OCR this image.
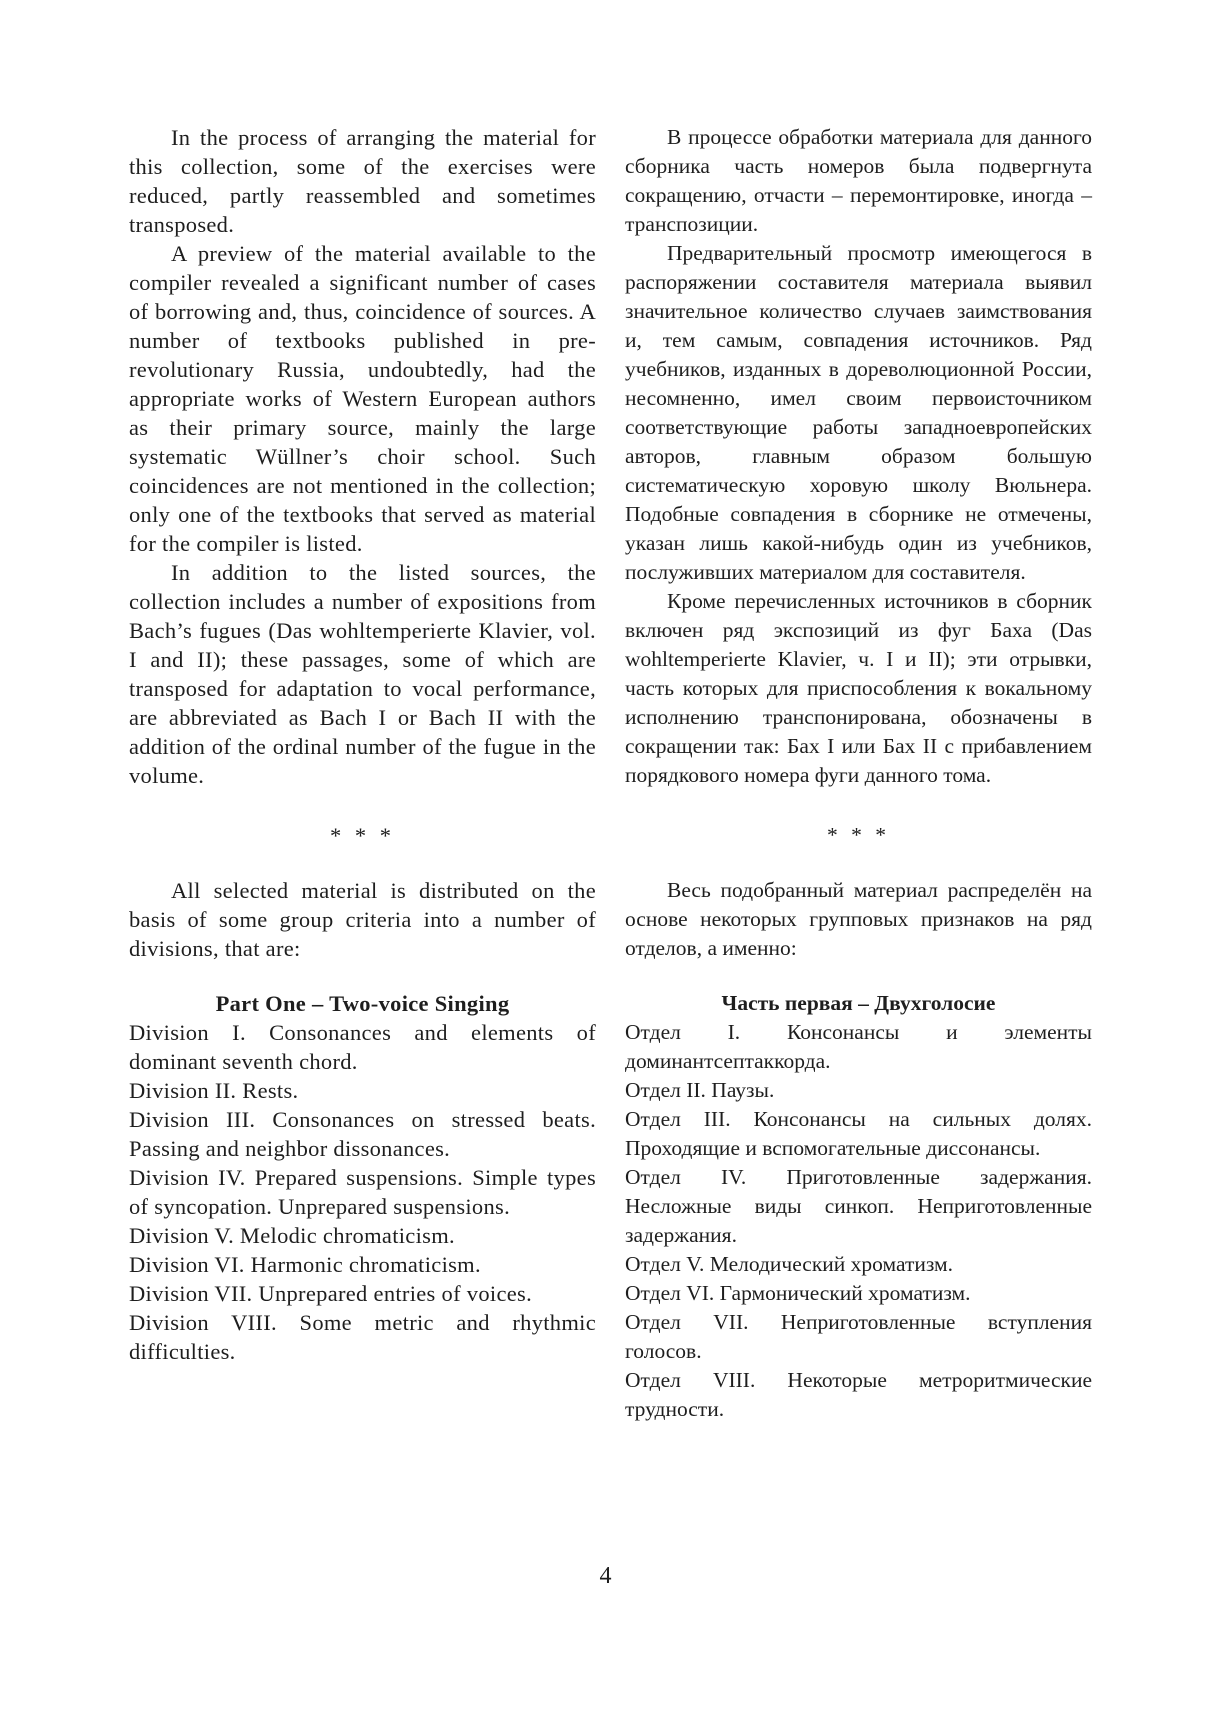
In the process of arranging the material for this collection, some of the exercises were reduced, partly reassembled and sometimes transposed.

A preview of the material available to the compiler revealed a significant number of cases of borrowing and, thus, coincidence of sources. A number of textbooks published in pre-revolutionary Russia, undoubtedly, had the appropriate works of Western European authors as their primary source, mainly the large systematic Wüllner’s choir school. Such coincidences are not mentioned in the collection; only one of the textbooks that served as material for the compiler is listed.

In addition to the listed sources, the collection includes a number of expositions from Bach’s fugues (Das wohltemperierte Klavier, vol. I and II); these passages, some of which are transposed for adaptation to vocal performance, are abbreviated as Bach I or Bach II with the addition of the ordinal number of the fugue in the volume.

* * *

All selected material is distributed on the basis of some group criteria into a number of divisions, that are:

Part One – Two-voice Singing
Division I. Consonances and elements of dominant seventh chord.
Division II. Rests.
Division III. Consonances on stressed beats. Passing and neighbor dissonances.
Division IV. Prepared suspensions. Simple types of syncopation. Unprepared suspensions.
Division V. Melodic chromaticism.
Division VI. Harmonic chromaticism.
Division VII. Unprepared entries of voices.
Division VIII. Some metric and rhythmic difficulties.

В процессе обработки материала для данного сборника часть номеров была подвергнута сокращению, отчасти – перемонтировке, иногда – транспозиции.

Предварительный просмотр имеющегося в распоряжении составителя материала выявил значительное количество случаев заимствования и, тем самым, совпадения источников. Ряд учебников, изданных в дореволюционной России, несомненно, имел своим первоисточником соответствующие работы западноевропейских авторов, главным образом большую систематическую хоровую школу Вюльнера. Подобные совпадения в сборнике не отмечены, указан лишь какой-нибудь один из учебников, послуживших материалом для составителя.

Кроме перечисленных источников в сборник включен ряд экспозиций из фуг Баха (Das wohltemperierte Klavier, ч. I и II); эти отрывки, часть которых для приспособления к вокальному исполнению транспонирована, обозначены в сокращении так: Бах I или Бах II с прибавлением порядкового номера фуги данного тома.

* * *

Весь подобранный материал распределён на основе некоторых групповых признаков на ряд отделов, а именно:

Часть первая – Двухголосие
Отдел I. Консонансы и элементы доминантсептаккорда.
Отдел II. Паузы.
Отдел III. Консонансы на сильных долях. Проходящие и вспомогательные диссонансы.
Отдел IV. Приготовленные задержания. Несложные виды синкоп. Неприготовленные задержания.
Отдел V. Мелодический хроматизм.
Отдел VI. Гармонический хроматизм.
Отдел VII. Неприготовленные вступления голосов.
Отдел VIII. Некоторые метроритмические трудности.
4
